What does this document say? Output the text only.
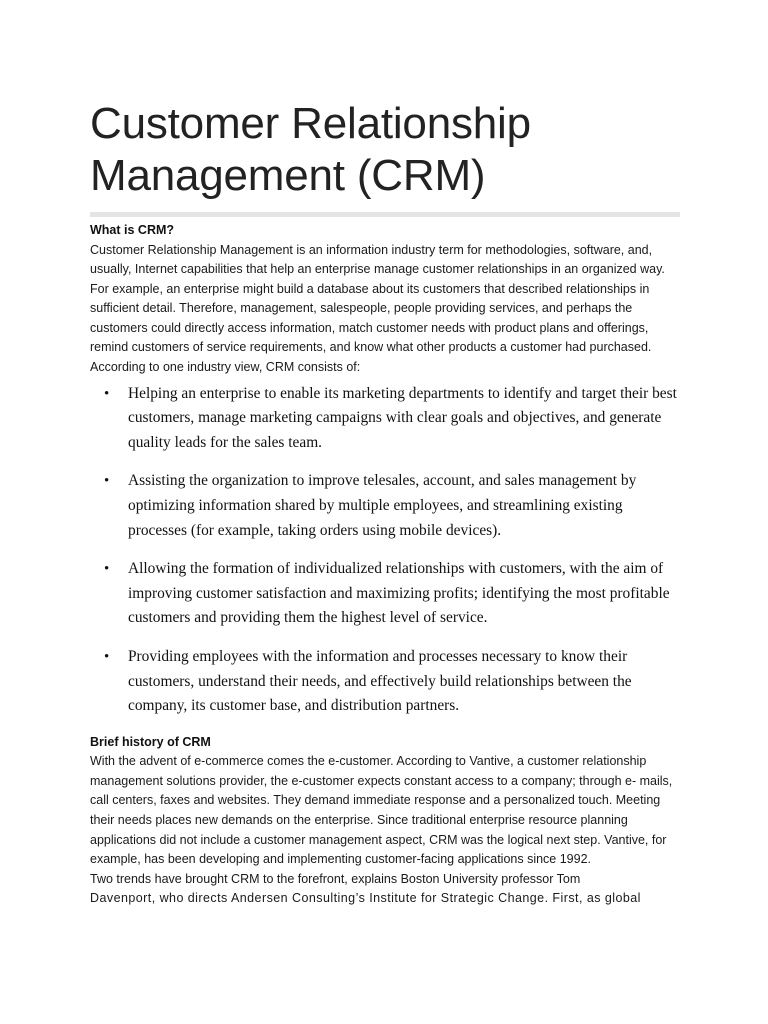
Customer Relationship Management (CRM)
What is CRM?

Customer Relationship Management is an information industry term for methodologies, software, and, usually, Internet capabilities that help an enterprise manage customer relationships in an organized way. For example, an enterprise might build a database about its customers that described relationships in sufficient detail. Therefore, management, salespeople, people providing services, and perhaps the customers could directly access information, match customer needs with product plans and offerings, remind customers of service requirements, and know what other products a customer had purchased. According to one industry view, CRM consists of:

• Helping an enterprise to enable its marketing departments to identify and target their best customers, manage marketing campaigns with clear goals and objectives, and generate quality leads for the sales team.
• Assisting the organization to improve telesales, account, and sales management by optimizing information shared by multiple employees, and streamlining existing processes (for example, taking orders using mobile devices).
• Allowing the formation of individualized relationships with customers, with the aim of improving customer satisfaction and maximizing profits; identifying the most profitable customers and providing them the highest level of service.
• Providing employees with the information and processes necessary to know their customers, understand their needs, and effectively build relationships between the company, its customer base, and distribution partners.
Brief history of CRM

With the advent of e-commerce comes the e-customer. According to Vantive, a customer relationship management solutions provider, the e-customer expects constant access to a company; through e- mails, call centers, faxes and websites. They demand immediate response and a personalized touch. Meeting their needs places new demands on the enterprise. Since traditional enterprise resource planning applications did not include a customer management aspect, CRM was the logical next step. Vantive, for example, has been developing and implementing customer-facing applications since 1992.

Two trends have brought CRM to the forefront, explains Boston University professor Tom
Davenport, who directs Andersen Consulting’s Institute for Strategic Change. First, as global
